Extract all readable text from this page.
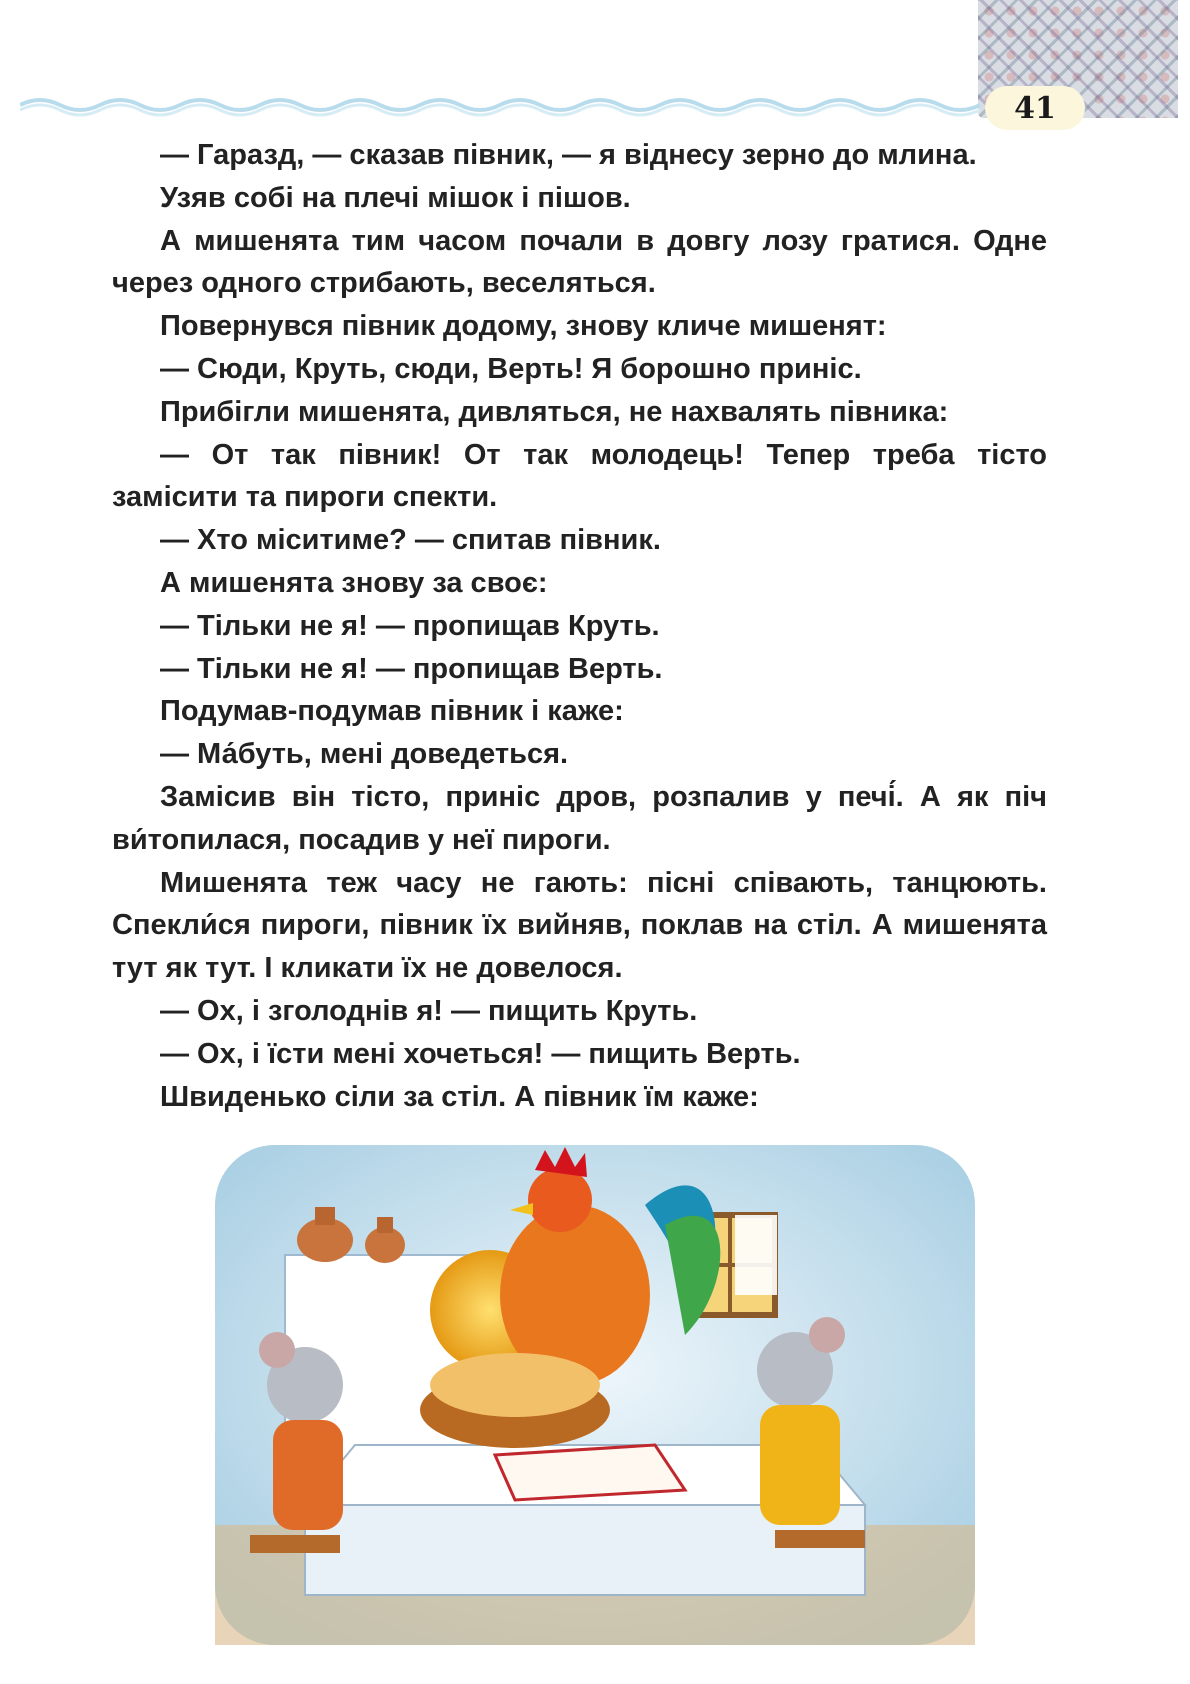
41

— Гаразд, — сказав півник, — я віднесу зерно до млина.

Узяв собі на плечі мішок і пішов.

А мишенята тим часом почали в довгу лозу гратися. Одне через одного стрибають, веселяться.

Повернувся півник додому, знову кличе мишенят:

— Сюди, Круть, сюди, Верть! Я борошно приніс.

Прибігли мишенята, дивляться, не нахвалять півника:

— От так півник! От так молодець! Тепер треба тісто замісити та пироги спекти.

— Хто міситиме? — спитав півник.

А мишенята знову за своє:

— Тільки не я! — пропищав Круть.

— Тільки не я! — пропищав Верть.

Подумав-подумав півник і каже:

— Ма́буть, мені доведеться.

Замісив він тісто, приніс дров, розпалив у печі́. А як піч ви́топилася, посадив у неї пироги.

Мишенята теж часу не гають: пісні співають, танцюють. Спекли́ся пироги, півник їх вийняв, поклав на стіл. А мишенята тут як тут. І кликати їх не довелося.

— Ох, і зголоднів я! — пищить Круть.

— Ох, і їсти мені хочеться! — пищить Верть.

Швиденько сіли за стіл. А півник їм каже:
